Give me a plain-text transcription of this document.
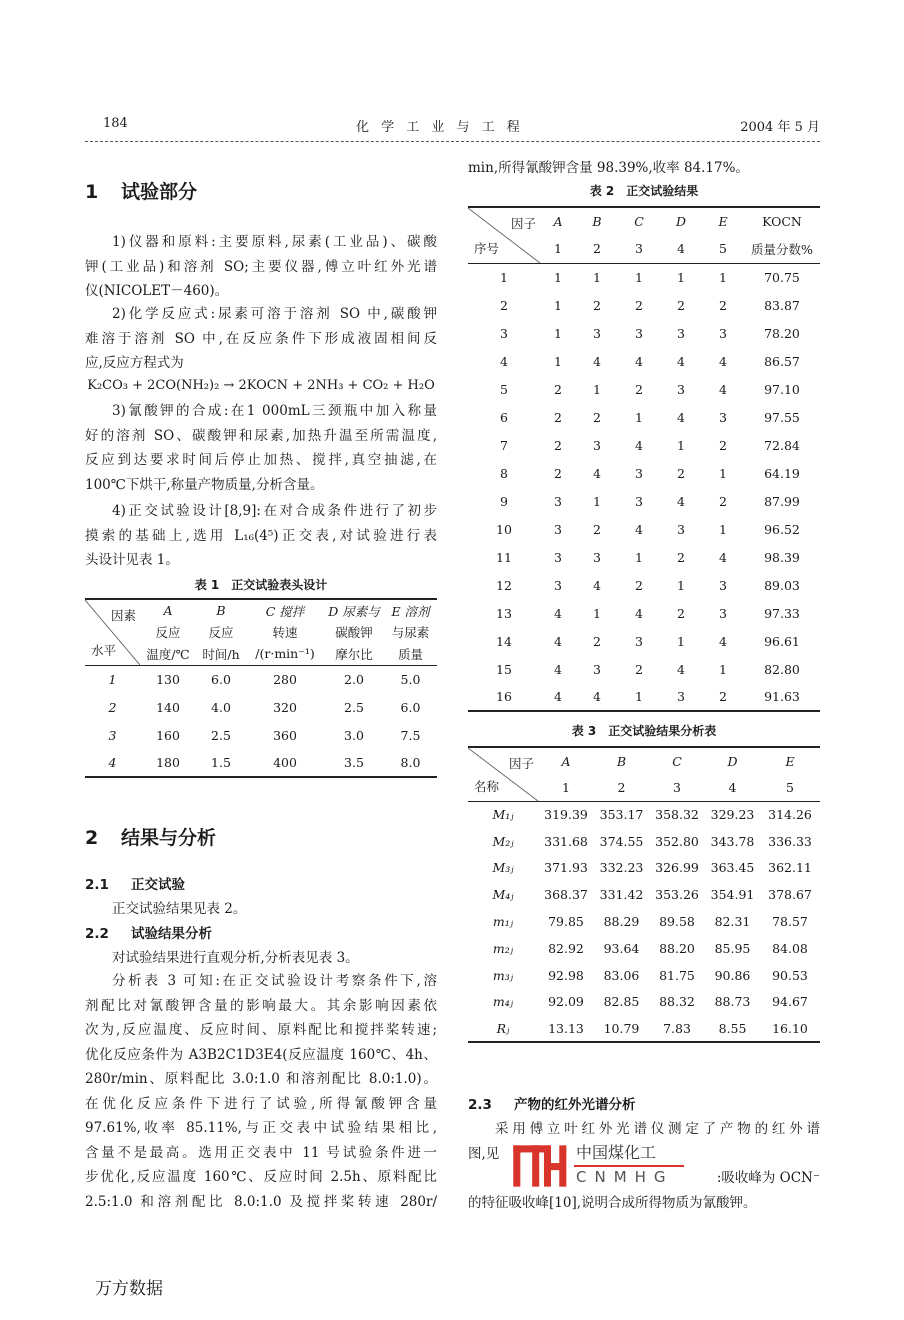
184	化 学 工 业 与 工 程	2004 年 5 月
1 试验部分
1)仪器和原料:主要原料,尿素(工业品)、碳酸
钾(工业品)和溶剂 SO;主要仪器,傅立叶红外光谱
仪(NICOLET－460)。
2)化学反应式:尿素可溶于溶剂 SO 中,碳酸钾
难溶于溶剂 SO 中,在反应条件下形成液固相间反
应,反应方程式为
K₂CO₃ + 2CO(NH₂)₂ → 2KOCN + 2NH₃ + CO₂ + H₂O
3)氰酸钾的合成:在1 000mL三颈瓶中加入称量
好的溶剂 SO、碳酸钾和尿素,加热升温至所需温度,
反应到达要求时间后停止加热、搅拌,真空抽滤,在
100℃下烘干,称量产物质量,分析含量。
4)正交试验设计[8,9]:在对合成条件进行了初步
摸索的基础上,选用 L₁₆(4⁵)正交表,对试验进行表
头设计见表 1。
表 1　正交试验表头设计
因素
水平	A	B	C 搅拌	D 尿素与	E 溶剂
	反应	反应	转速	碳酸钾	与尿素
	温度/℃	时间/h	/(r·min⁻¹)	摩尔比	质量
1	130	6.0	280	2.0	5.0
2	140	4.0	320	2.5	6.0
3	160	2.5	360	3.0	7.5
4	180	1.5	400	3.5	8.0
2 结果与分析
2.1 正交试验
正交试验结果见表 2。
2.2 试验结果分析
对试验结果进行直观分析,分析表见表 3。
分析表 3 可知:在正交试验设计考察条件下,溶
剂配比对氰酸钾含量的影响最大。其余影响因素依
次为,反应温度、反应时间、原料配比和搅拌桨转速;
优化反应条件为 A3B2C1D3E4(反应温度 160℃、4h、
280r/min、原料配比 3.0:1.0 和溶剂配比 8.0:1.0)。
在优化反应条件下进行了试验,所得氰酸钾含量
97.61%,收率 85.11%,与正交表中试验结果相比,
含量不是最高。选用正交表中 11 号试验条件进一
步优化,反应温度 160℃、反应时间 2.5h、原料配比
2.5:1.0 和溶剂配比 8.0:1.0 及搅拌桨转速 280r/
min,所得氰酸钾含量 98.39%,收率 84.17%。
表 2　正交试验结果
因子
序号	A	B	C	D	E	KOCN
	1	2	3	4	5	质量分数%
1	1	1	1	1	1	70.75
2	1	2	2	2	2	83.87
3	1	3	3	3	3	78.20
4	1	4	4	4	4	86.57
5	2	1	2	3	4	97.10
6	2	2	1	4	3	97.55
7	2	3	4	1	2	72.84
8	2	4	3	2	1	64.19
9	3	1	3	4	2	87.99
10	3	2	4	3	1	96.52
11	3	3	1	2	4	98.39
12	3	4	2	1	3	89.03
13	4	1	4	2	3	97.33
14	4	2	3	1	4	96.61
15	4	3	2	4	1	82.80
16	4	4	1	3	2	91.63
表 3　正交试验结果分析表
因子
名称	A	B	C	D	E
	1	2	3	4	5
M₁ⱼ	319.39	353.17	358.32	329.23	314.26
M₂ⱼ	331.68	374.55	352.80	343.78	336.33
M₃ⱼ	371.93	332.23	326.99	363.45	362.11
M₄ⱼ	368.37	331.42	353.26	354.91	378.67
m₁ⱼ	79.85	88.29	89.58	82.31	78.57
m₂ⱼ	82.92	93.64	88.20	85.95	84.08
m₃ⱼ	92.98	83.06	81.75	90.86	90.53
m₄ⱼ	92.09	82.85	88.32	88.73	94.67
Rⱼ	13.13	10.79	7.83	8.55	16.10
2.3 产物的红外光谱分析
采用傅立叶红外光谱仪测定了产物的红外谱
图,见
　:吸收峰为 OCN⁻
的特征吸收峰[10],说明合成所得物质为氰酸钾。
中国煤化工
CNMHG
万方数据
